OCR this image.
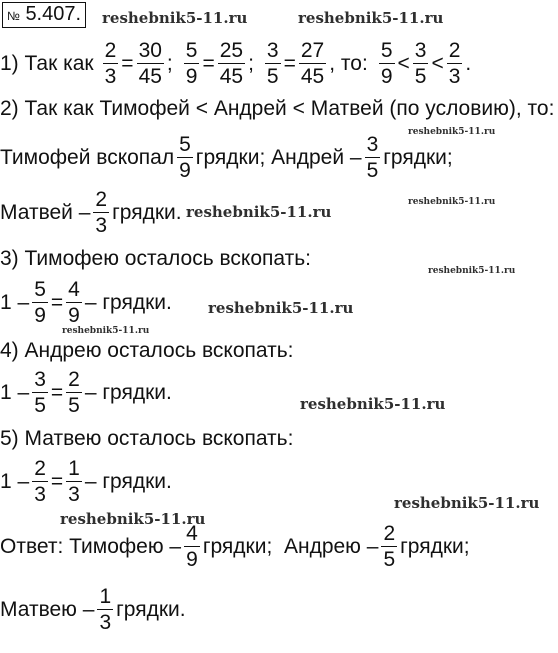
№ 5.407.
1) Так как $\frac{2}{3} = \frac{30}{45}$ ; $\frac{5}{9} = \frac{25}{45}$ ; $\frac{3}{5} = \frac{27}{45}$ , то: $\frac{5}{9} < \frac{3}{5} < \frac{2}{3}$ .
2) Так как Тимофей < Андрей < Матвей (по условию), то:
Тимофей вскопал $\frac{5}{9}$ грядки; Андрей – $\frac{3}{5}$ грядки;
Матвей – $\frac{2}{3}$ грядки.
3) Тимофею осталось вскопать:
$1 - \frac{5}{9} = \frac{4}{9}$ – грядки.
4) Андрею осталось вскопать:
$1 - \frac{3}{5} = \frac{2}{5}$ – грядки.
5) Матвею осталось вскопать:
$1 - \frac{2}{3} = \frac{1}{3}$ – грядки.
Ответ: Тимофею – $\frac{4}{9}$ грядки;  Андрею – $\frac{2}{5}$ грядки;
Матвею – $\frac{1}{3}$ грядки.
reshebnik5-11.ru	reshebnik5-11.ru
reshebnik5-11.ru
reshebnik5-11.ru
reshebnik5-11.ru
reshebnik5-11.ru
reshebnik5-11.ru
reshebnik5-11.ru
reshebnik5-11.ru
reshebnik5-11.ru
reshebnik5-11.ru
